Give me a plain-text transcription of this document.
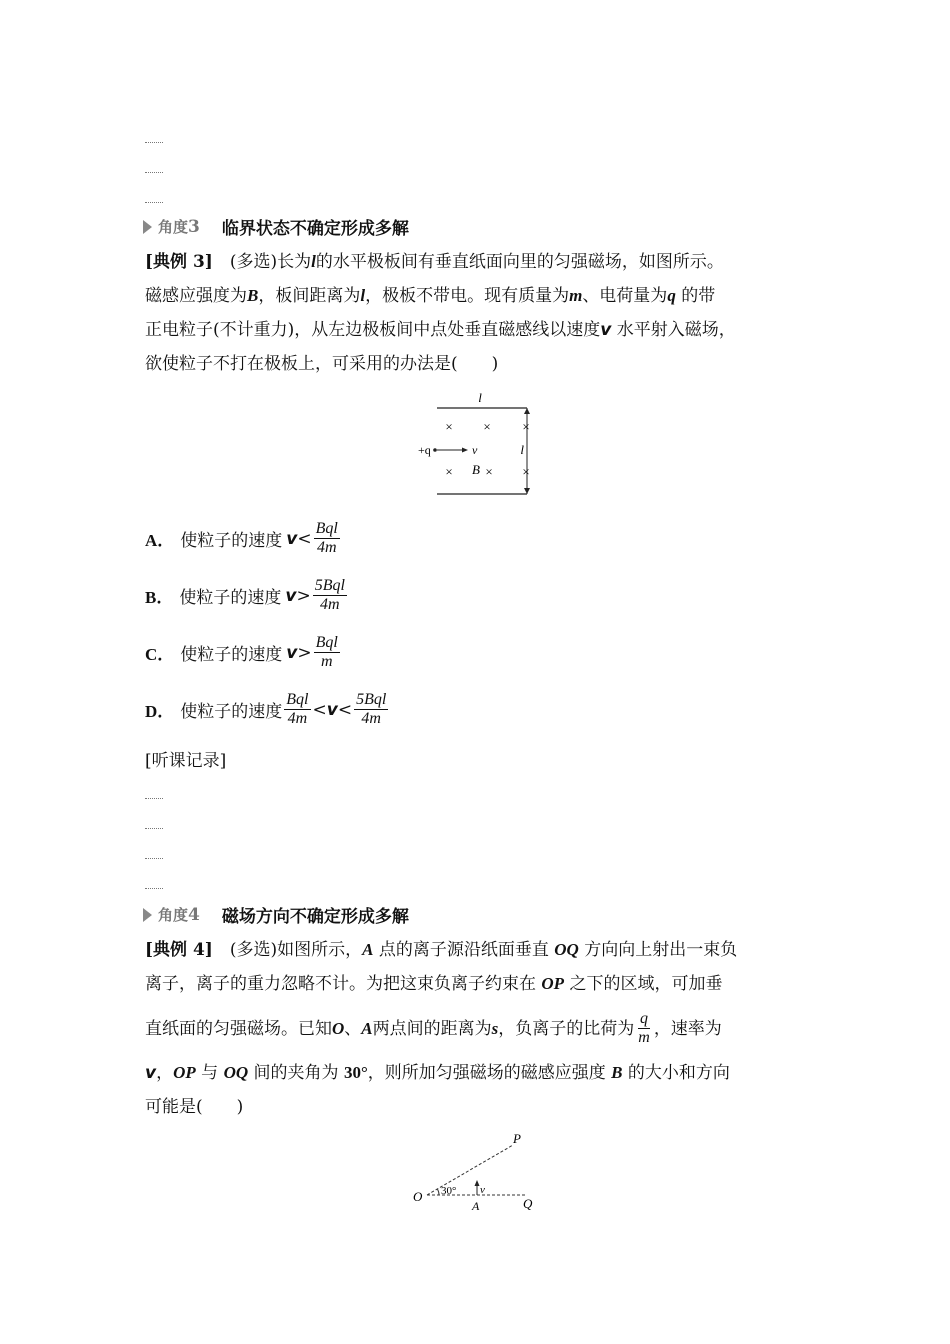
角度3 临界状态不确定形成多解

[典例 3]　 (多选)长为l的水平极板间有垂直纸面向里的匀强磁场，如图所示。

磁感应强度为B，板间距离为l，极板不带电。现有质量为m、电荷量为q 的带

正电粒子(不计重力)，从左边极板间中点处垂直磁感线以速度v 水平射入磁场，

欲使粒子不打在极板上，可采用的办法是(　　)

l
l
× × ×
×	× ×
+q	v
B
A． 使粒子的速度 $v < \frac{\text{Bql}}{4m}$
B． 使粒子的速度 $v > \frac{\text{5Bql}}{4m}$
C． 使粒子的速度 $v > \frac{\text{Bql}}{m}$
D． 使粒子的速度 $\frac{\text{Bql}}{4m} < v < \frac{\text{5Bql}}{4m}$
[听课记录]
角度4 磁场方向不确定形成多解

[典例 4]　 (多选)如图所示，A 点的离子源沿纸面垂直 OQ 方向向上射出一束负

离子，离子的重力忽略不计。为把这束负离子约束在 OP 之下的区域，可加垂

直纸面的匀强磁场。已知 O 、 A 两点间的距离为 s ，负离子的比荷为 $\frac{q}{m}$ ，速率为

v，OP 与 OQ 间的夹角为 30°，则所加匀强磁场的磁感应强度 B 的大小和方向

可能是(　　)

P
O 30° v
A	Q
